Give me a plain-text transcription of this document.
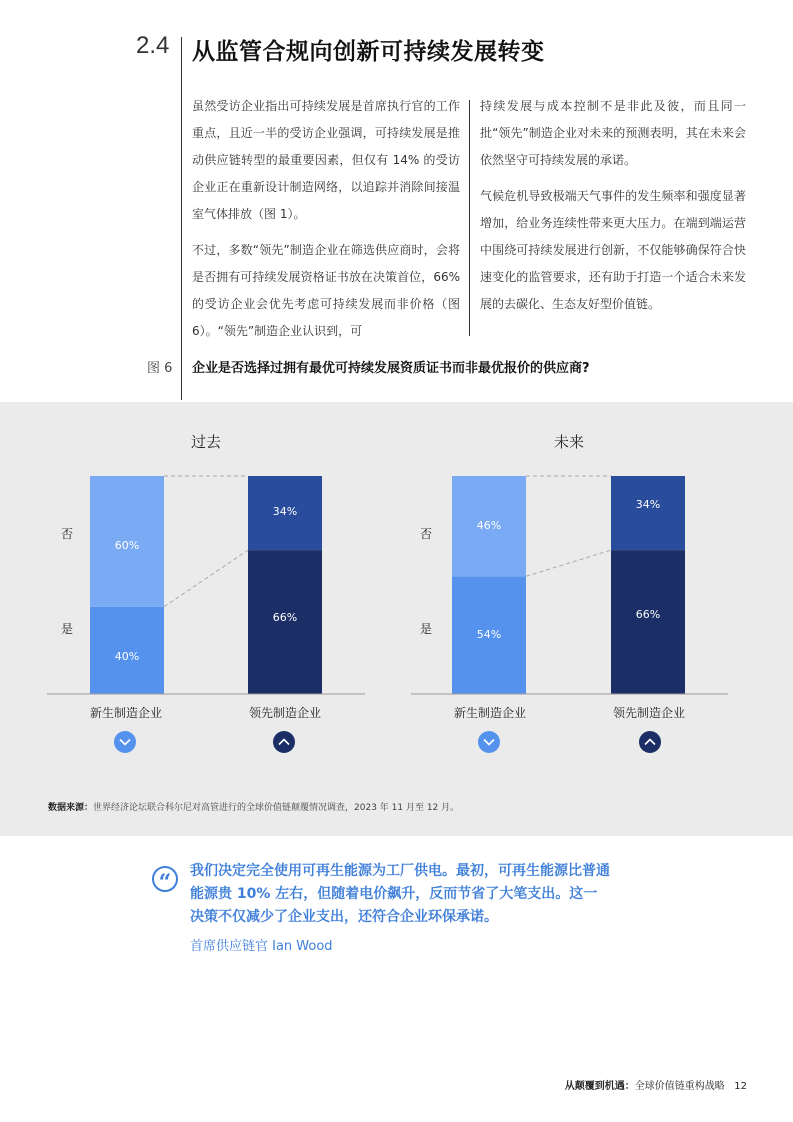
2.4 从监管合规向创新可持续发展转变

虽然受访企业指出可持续发展是首席执行官的工作重点，且近一半的受访企业强调，可持续发展是推动供应链转型的最重要因素，但仅有 14% 的受访企业正在重新设计制造网络，以追踪并消除间接温室气体排放（图 1）。

不过，多数“领先”制造企业在筛选供应商时，会将是否拥有可持续发展资格证书放在决策首位，66% 的受访企业会优先考虑可持续发展而非价格（图 6）。“领先”制造企业认识到，可

持续发展与成本控制不是非此及彼，而且同一批“领先”制造企业对未来的预测表明，其在未来会依然坚守可持续发展的承诺。

气候危机导致极端天气事件的发生频率和强度显著增加，给业务连续性带来更大压力。在端到端运营中围绕可持续发展进行创新，不仅能够确保符合快速变化的监管要求，还有助于打造一个适合未来发展的去碳化、生态友好型价值链。

图 6 企业是否选择过拥有最优可持续发展资质证书而非最优报价的供应商?
过去	未来
否
是
否
是
新生制造企业	领先制造企业	新生制造企业	领先制造企业
60%
40%
34%
66%
46%
54%
34%
66%
数据来源：世界经济论坛联合科尔尼对高管进行的全球价值链颠覆情况调查，2023 年 11 月至 12 月。
“	我们决定完全使用可再生能源为工厂供电。最初，可再生能源比普通能源贵 10% 左右，但随着电价飙升，反而节省了大笔支出。这一决策不仅减少了企业支出，还符合企业环保承诺。

首席供应链官 Ian Wood
从颠覆到机遇：全球价值链重构战略 12
